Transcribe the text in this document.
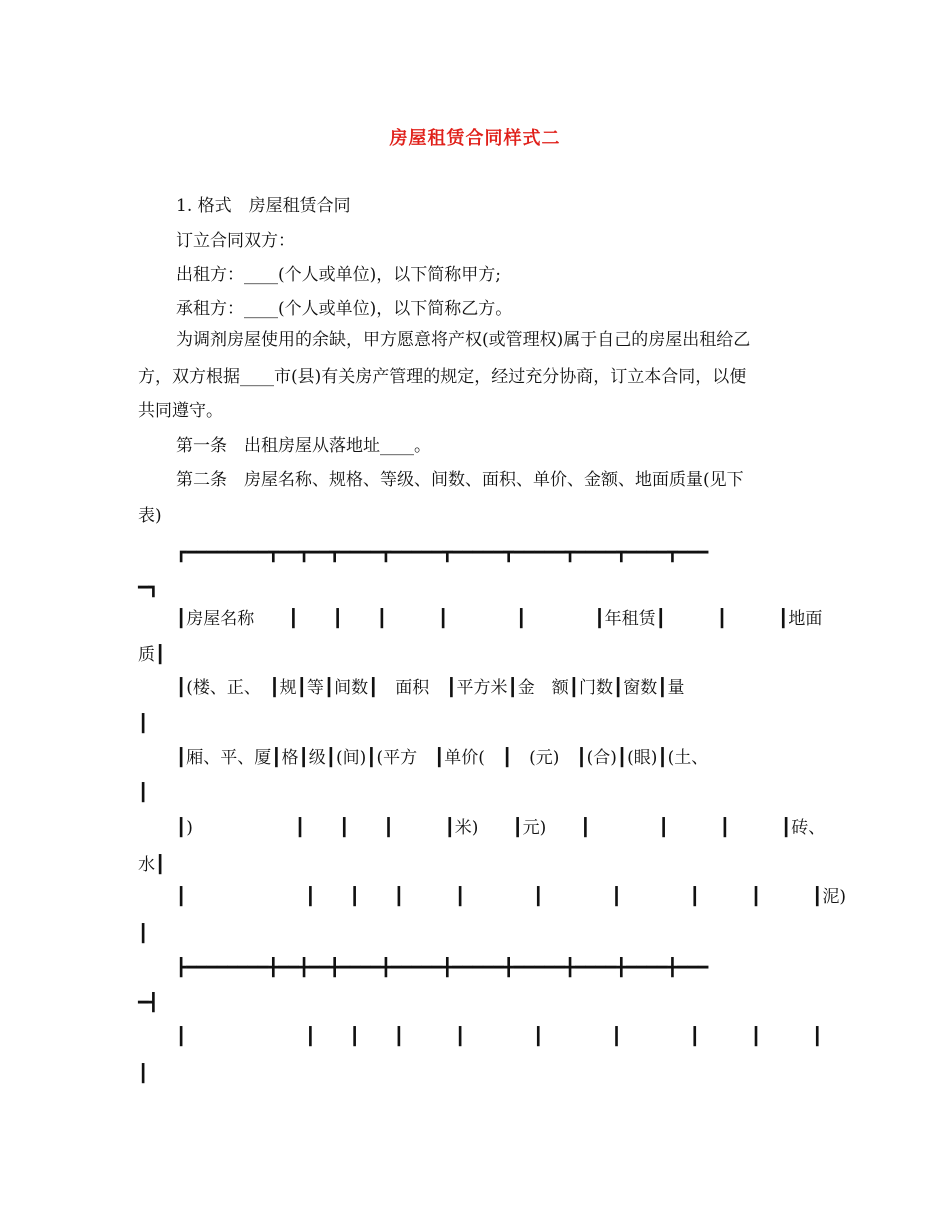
房屋租赁合同样式二
1. 格式　房屋租赁合同
订立合同双方：
出租方：____(个人或单位)，以下简称甲方;
承租方：____(个人或单位)，以下简称乙方。
为调剂房屋使用的余缺，甲方愿意将产权(或管理权)属于自己的房屋出租给乙
方，双方根据____市(县)有关房产管理的规定，经过充分协商，订立本合同，以便
共同遵守。
第一条　出租房屋从落地址____。
第二条　房屋名称、规格、等级、间数、面积、单价、金额、地面质量(见下
表)
┏━━━━━━━━┳━━┳━━┳━━━━┳━━━━━┳━━━━━┳━━━━━┳━━━━┳━━━━┳━━━
━┓
┃房屋名称　　┃　　┃　　┃　　　┃　　　　┃　　　　┃年租赁┃　　　┃　　　┃地面
质┃
┃(楼、正、　┃规┃等┃间数┃　面积　┃平方米┃金　额┃门数┃窗数┃量
┃
┃厢、平、厦┃格┃级┃(间)┃(平方　┃单价(　┃　(元)　┃(合)┃(眼)┃(土、
┃
┃)　　　　　　┃　　┃　　┃　　　┃米)　　┃元)　　┃　　　　┃　　　┃　　　┃砖、
水┃
┃　　　　　　　┃　　┃　　┃　　　┃　　　　┃　　　　┃　　　　┃　　　┃　　　┃泥)
┃
┣━━━━━━━━╋━━╋━━╋━━━━╋━━━━━╋━━━━━╋━━━━━╋━━━━╋━━━━╋━━━
━┫
┃　　　　　　　┃　　┃　　┃　　　┃　　　　┃　　　　┃　　　　┃　　　┃　　　┃
┃
